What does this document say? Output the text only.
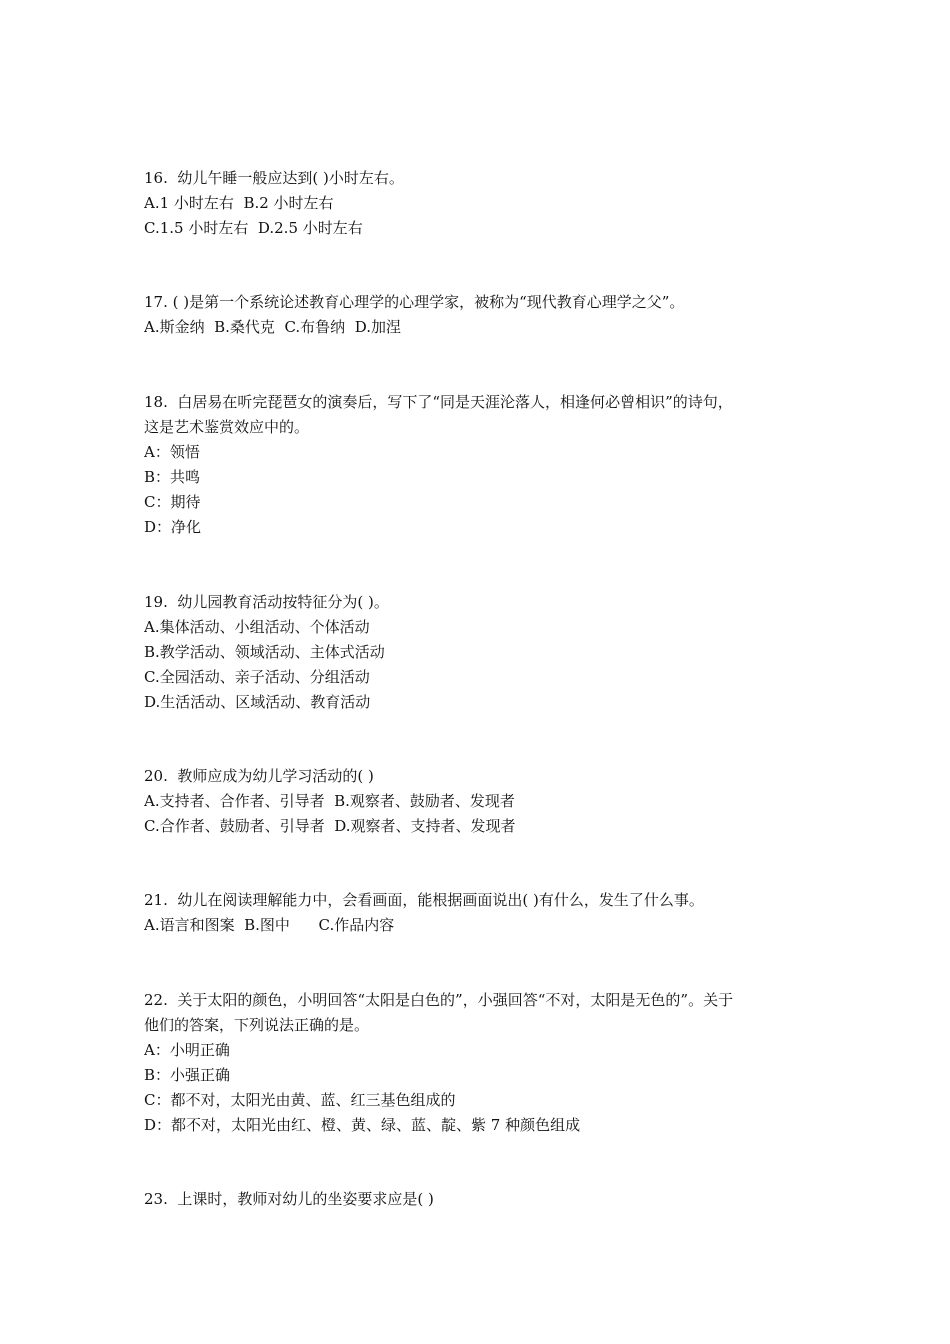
16.  幼儿午睡一般应达到( )小时左右。
A.1 小时左右  B.2 小时左右
C.1.5 小时左右  D.2.5 小时左右
17. ( )是第一个系统论述教育心理学的心理学家，被称为“现代教育心理学之父”。
A.斯金纳  B.桑代克  C.布鲁纳  D.加涅
18.  白居易在听完琵琶女的演奏后，写下了“同是天涯沦落人，相逢何必曾相识”的诗句，
这是艺术鉴赏效应中的。
A：领悟
B：共鸣
C：期待
D：净化
19.  幼儿园教育活动按特征分为( )。
A.集体活动、小组活动、个体活动
B.教学活动、领域活动、主体式活动
C.全园活动、亲子活动、分组活动
D.生活活动、区域活动、教育活动
20.  教师应成为幼儿学习活动的( )
A.支持者、合作者、引导者  B.观察者、鼓励者、发现者
C.合作者、鼓励者、引导者  D.观察者、支持者、发现者
21.  幼儿在阅读理解能力中，会看画面，能根据画面说出( )有什么，发生了什么事。
A.语言和图案  B.图中      C.作品内容
22.  关于太阳的颜色，小明回答“太阳是白色的”，小强回答“不对，太阳是无色的”。关于
他们的答案，下列说法正确的是。
A：小明正确
B：小强正确
C：都不对，太阳光由黄、蓝、红三基色组成的
D：都不对，太阳光由红、橙、黄、绿、蓝、靛、紫 7 种颜色组成
23.  上课时，教师对幼儿的坐姿要求应是( )
